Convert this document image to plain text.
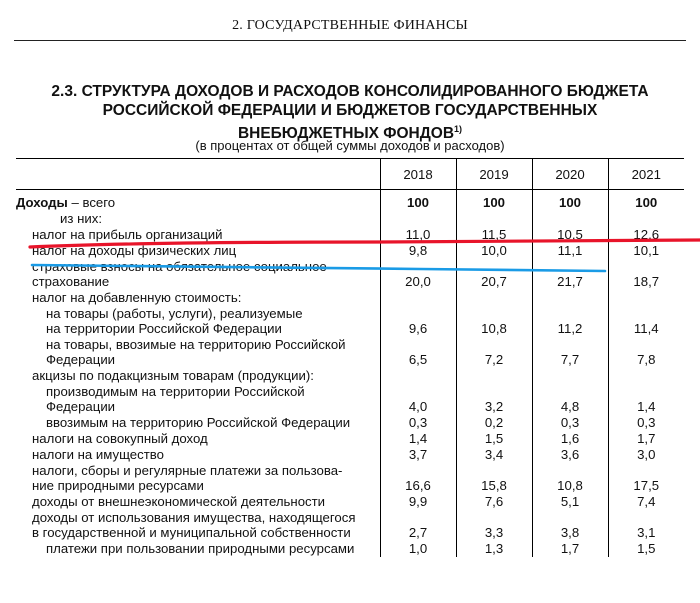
2. ГОСУДАРСТВЕННЫЕ ФИНАНСЫ
2.3. СТРУКТУРА ДОХОДОВ И РАСХОДОВ КОНСОЛИДИРОВАННОГО БЮДЖЕТА
РОССИЙСКОЙ ФЕДЕРАЦИИ И БЮДЖЕТОВ ГОСУДАРСТВЕННЫХ
ВНЕБЮДЖЕТНЫХ ФОНДОВ$^{1)}$
(в процентах от общей суммы доходов и расходов)
	2018	2019	2020	2021
Доходы – всего	100	100	100	100
из них:				
налог на прибыль организаций	11,0	11,5	10,5	12,6
налог на доходы физических лиц	9,8	10,0	11,1	10,1

страховые взносы на обязательное социальное
страхование	20,0	20,7	21,7	18,7
налог на добавленную стоимость:				

на товары (работы, услуги), реализуемые
на территории Российской Федерации	9,6	10,8	11,2	11,4

на товары, ввозимые на территорию Российской
Федерации	6,5	7,2	7,7	7,8
акцизы по подакцизным товарам (продукции):				

производимым на территории Российской
Федерации	4,0	3,2	4,8	1,4
ввозимым на территорию Российской Федерации	0,3	0,2	0,3	0,3
налоги на совокупный доход	1,4	1,5	1,6	1,7
налоги на имущество	3,7	3,4	3,6	3,0

налоги, сборы и регулярные платежи за пользова-
ние природными ресурсами	16,6	15,8	10,8	17,5
доходы от внешнеэкономической деятельности	9,9	7,6	5,1	7,4

доходы от использования имущества, находящегося
в государственной и муниципальной собственности	2,7	3,3	3,8	3,1
платежи при пользовании природными ресурсами	1,0	1,3	1,7	1,5
